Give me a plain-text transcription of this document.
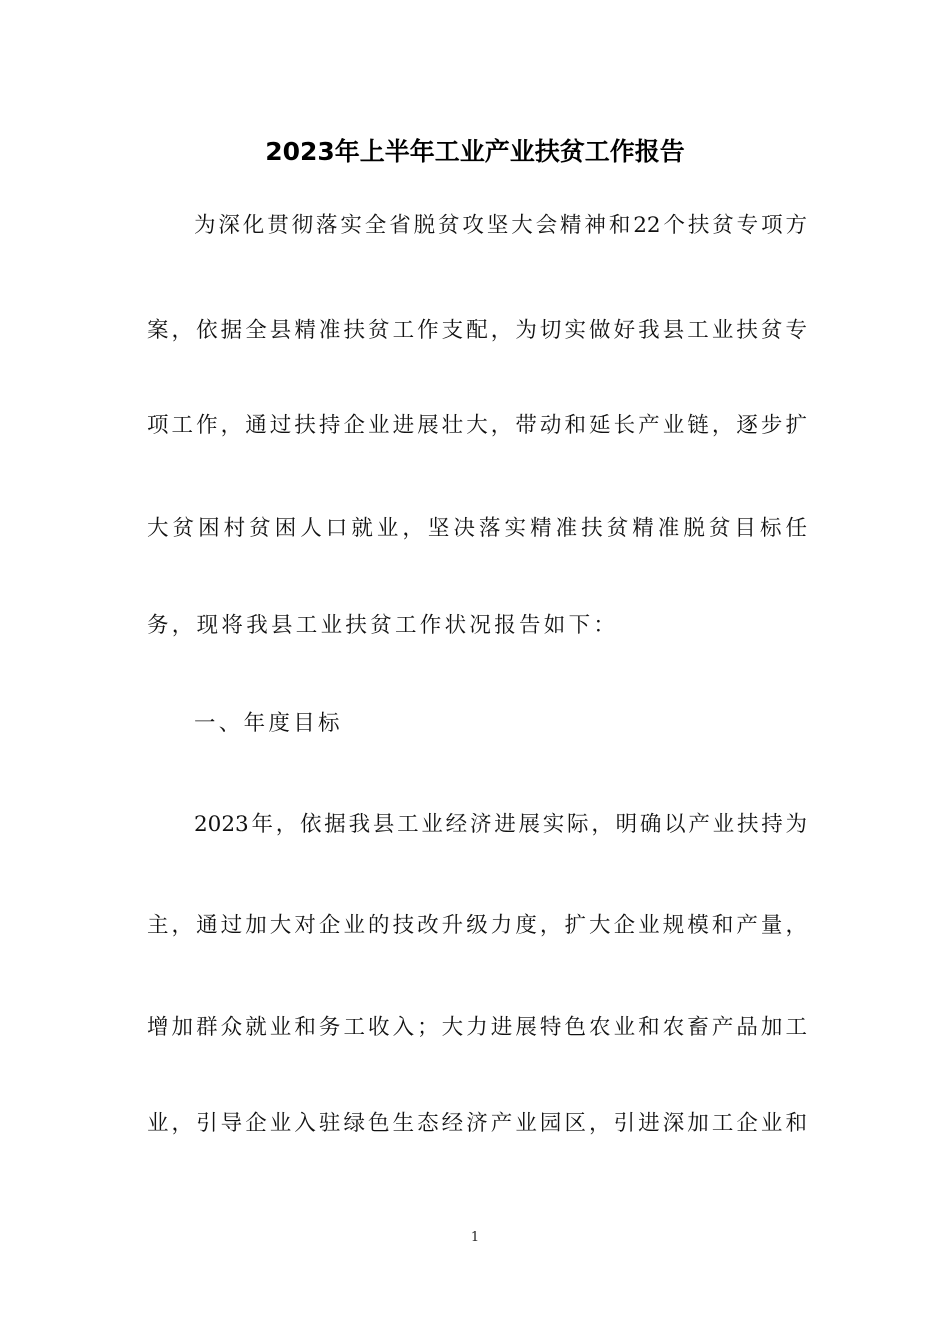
2023年上半年工业产业扶贫工作报告

为深化贯彻落实全省脱贫攻坚大会精神和22个扶贫专项方

案，依据全县精准扶贫工作支配，为切实做好我县工业扶贫专

项工作，通过扶持企业进展壮大，带动和延长产业链，逐步扩

大贫困村贫困人口就业，坚决落实精准扶贫精准脱贫目标任

务，现将我县工业扶贫工作状况报告如下：

一、年度目标

2023年，依据我县工业经济进展实际，明确以产业扶持为

主，通过加大对企业的技改升级力度，扩大企业规模和产量，

增加群众就业和务工收入；大力进展特色农业和农畜产品加工

业，引导企业入驻绿色生态经济产业园区，引进深加工企业和

1
